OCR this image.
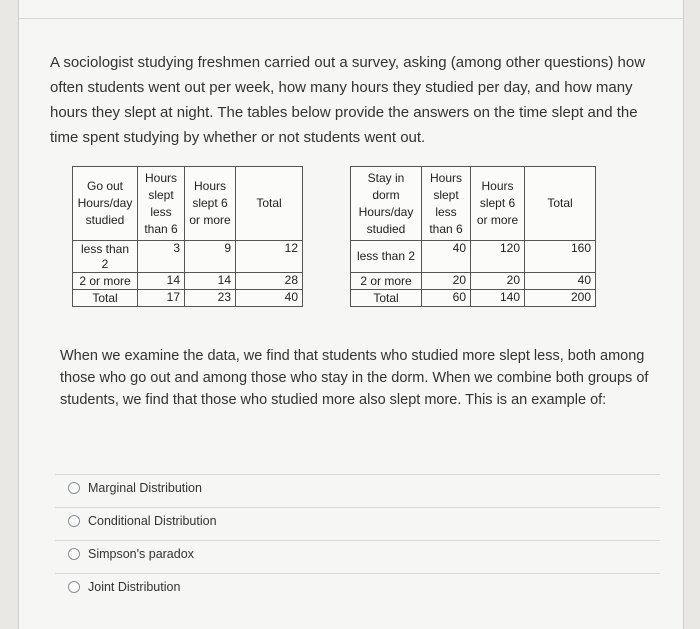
A sociologist studying freshmen carried out a survey, asking (among other questions) how often students went out per week, how many hours they studied per day, and how many hours they slept at night. The tables below provide the answers on the time slept and the time spent studying by whether or not students went out.
Go out Hours/day studied	Hours slept less than 6	Hours slept 6 or more	Total
less than 2	3	9	12
2 or more	14	14	28
Total	17	23	40
Stay in dorm Hours/day studied	Hours slept less than 6	Hours slept 6 or more	Total
less than 2	40	120	160
2 or more	20	20	40
Total	60	140	200
When we examine the data, we find that students who studied more slept less, both among those who go out and among those who stay in the dorm. When we combine both groups of students, we find that those who studied more also slept more. This is an example of:
Marginal Distribution
Conditional Distribution
Simpson's paradox
Joint Distribution
